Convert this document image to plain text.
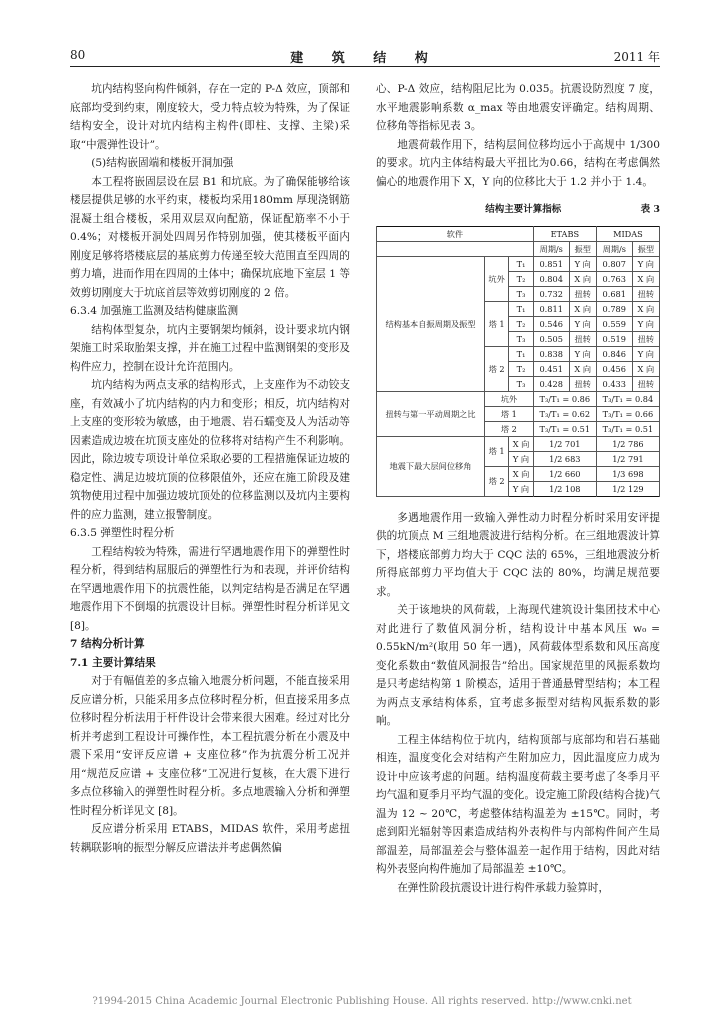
80	建 筑 结 构	2011 年

坑内结构竖向构件倾斜，存在一定的 P-Δ 效应，顶部和底部均受到约束，刚度较大，受力特点较为特殊，为了保证结构安全，设计对坑内结构主构件(即柱、支撑、主梁)采取“中震弹性设计”。

(5)结构嵌固端和楼板开洞加强

本工程将嵌固层设在层 B1 和坑底。为了确保能够给该楼层提供足够的水平约束，楼板均采用180mm 厚现浇钢筋混凝土组合楼板，采用双层双向配筋，保证配筋率不小于 0.4%；对楼板开洞处四周另作特别加强，使其楼板平面内刚度足够将塔楼底层的基底剪力传递至较大范围直至四周的剪力墙，进而作用在四周的土体中；确保坑底地下室层 1 等效剪切刚度大于坑底首层等效剪切刚度的 2 倍。

6.3.4 加强施工监测及结构健康监测

结构体型复杂，坑内主要钢架均倾斜，设计要求坑内钢架施工时采取胎架支撑，并在施工过程中监测钢架的变形及构件应力，控制在设计允许范围内。

坑内结构为两点支承的结构形式，上支座作为不动铰支座，有效减小了坑内结构的内力和变形；相反，坑内结构对上支座的变形较为敏感，由于地震、岩石蠕变及人为活动等因素造成边坡在坑顶支座处的位移将对结构产生不利影响。因此，除边坡专项设计单位采取必要的工程措施保证边坡的稳定性、满足边坡坑顶的位移限值外，还应在施工阶段及建筑物使用过程中加强边坡坑顶处的位移监测以及坑内主要构件的应力监测，建立报警制度。

6.3.5 弹塑性时程分析

工程结构较为特殊，需进行罕遇地震作用下的弹塑性时程分析，得到结构屈服后的弹塑性行为和表现，并评价结构在罕遇地震作用下的抗震性能，以判定结构是否满足在罕遇地震作用下不倒塌的抗震设计目标。弹塑性时程分析详见文 [8]。

7 结构分析计算

7.1 主要计算结果

对于有幅值差的多点输入地震分析问题，不能直接采用反应谱分析，只能采用多点位移时程分析，但直接采用多点位移时程分析法用于杆件设计会带来很大困难。经过对比分析并考虑到工程设计可操作性，本工程抗震分析在小震及中震下采用“安评反应谱 + 支座位移”作为抗震分析工况并用“规范反应谱 + 支座位移”工况进行复核，在大震下进行多点位移输入的弹塑性时程分析。多点地震输入分析和弹塑性时程分析详见文 [8]。

反应谱分析采用 ETABS，MIDAS 软件，采用考虑扭转耦联影响的振型分解反应谱法并考虑偶然偏

心、P-Δ 效应，结构阻尼比为 0.035。抗震设防烈度 7 度，水平地震影响系数 α_max 等由地震安评确定。结构周期、位移角等指标见表 3。

地震荷载作用下，结构层间位移均远小于高规中 1/300 的要求。坑内主体结构最大平扭比为0.66，结构在考虑偶然偏心的地震作用下 X，Y 向的位移比大于 1.2 并小于 1.4。

结构主要计算指标	表 3
软件			ETABS		MIDAS	
			周期/s	振型	周期/s	振型
结构基本自振周期及振型	坑外	T₁	0.851	Y 向	0.807	Y 向
		T₂	0.804	X 向	0.763	X 向
		T₃	0.732	扭转	0.681	扭转
	塔 1	T₁	0.811	X 向	0.789	X 向
		T₂	0.546	Y 向	0.559	Y 向
		T₃	0.505	扭转	0.519	扭转
	塔 2	T₁	0.838	Y 向	0.846	Y 向
		T₂	0.451	X 向	0.456	X 向
		T₃	0.428	扭转	0.433	扭转
扭转与第一平动周期之比	坑外		T₃/T₁ = 0.86		T₃/T₁ = 0.84	
	塔 1		T₃/T₁ = 0.62		T₃/T₁ = 0.66	
	塔 2		T₃/T₁ = 0.51		T₃/T₁ = 0.51	
地震下最大层间位移角	塔 1	X 向	1/2 701		1/2 786	
		Y 向	1/2 683		1/2 791	
	塔 2	X 向	1/2 660		1/3 698	
		Y 向	1/2 108		1/2 129	

多遇地震作用一致输入弹性动力时程分析时采用安评提供的坑顶点 M 三组地震波进行结构分析。在三组地震波计算下，塔楼底部剪力均大于 CQC 法的 65%，三组地震波分析所得底部剪力平均值大于 CQC 法的 80%，均满足规范要求。

关于该地块的风荷载，上海现代建筑设计集团技术中心对此进行了数值风洞分析，结构设计中基本风压 w₀ = 0.55kN/m²(取用 50 年一遇)，风荷载体型系数和风压高度变化系数由“数值风洞报告”给出。国家规范里的风振系数均是只考虑结构第 1 阶模态，适用于普通悬臂型结构；本工程为两点支承结构体系，宜考虑多振型对结构风振系数的影响。

工程主体结构位于坑内，结构顶部与底部均和岩石基础相连，温度变化会对结构产生附加应力，因此温度应力成为设计中应该考虑的问题。结构温度荷载主要考虑了冬季月平均气温和夏季月平均气温的变化。设定施工阶段(结构合拢)气温为 12 ~ 20℃，考虑整体结构温差为 ±15℃。同时，考虑到阳光辐射等因素造成结构外表构件与内部构件间产生局部温差，局部温差会与整体温差一起作用于结构，因此对结构外表竖向构件施加了局部温差 ±10℃。

在弹性阶段抗震设计进行构件承载力验算时，

?1994-2015 China Academic Journal Electronic Publishing House. All rights reserved. http://www.cnki.net
